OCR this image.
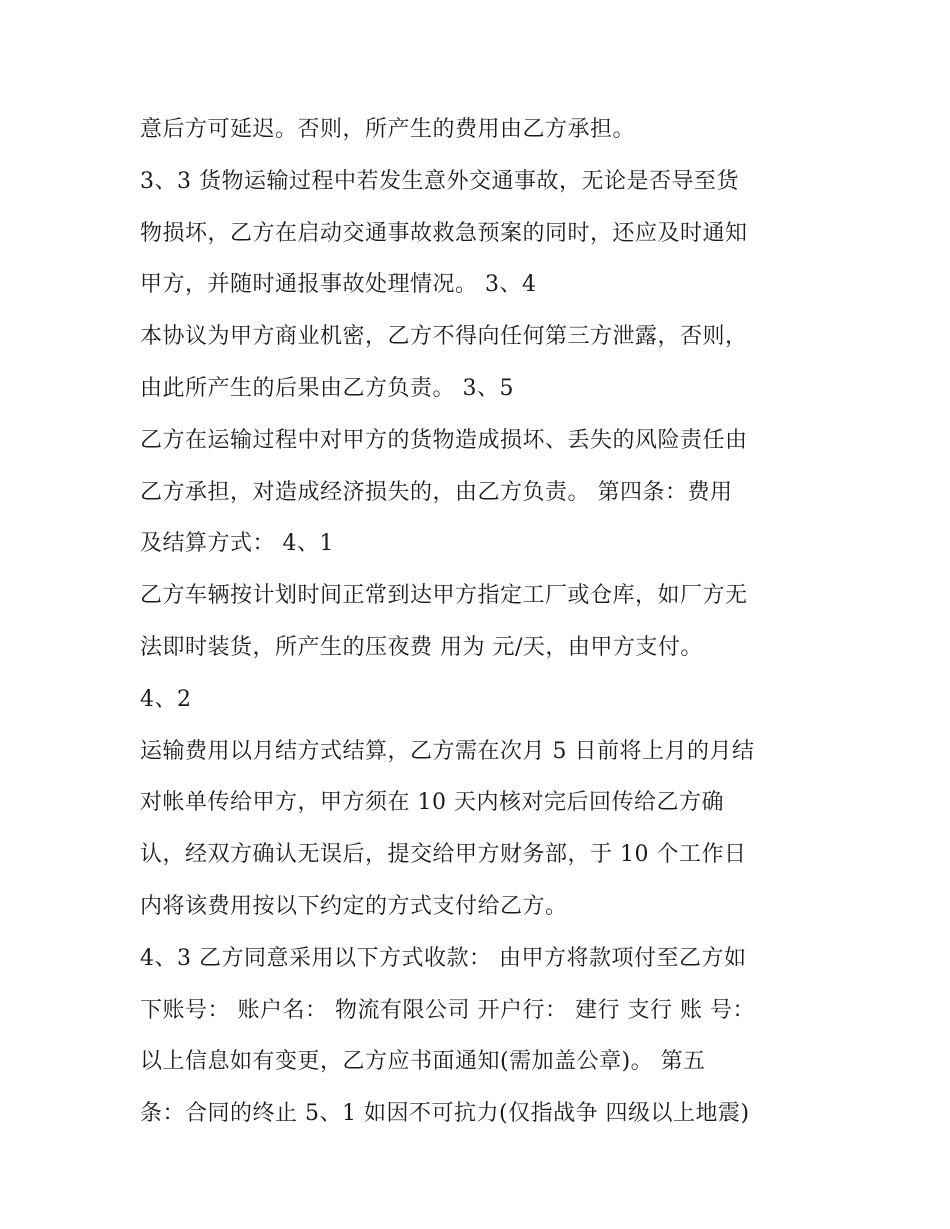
意后方可延迟。否则，所产生的费用由乙方承担。
3、3 货物运输过程中若发生意外交通事故，无论是否导至货
物损坏，乙方在启动交通事故救急预案的同时，还应及时通知
甲方，并随时通报事故处理情况。 3、4
本协议为甲方商业机密，乙方不得向任何第三方泄露，否则，
由此所产生的后果由乙方负责。 3、5
乙方在运输过程中对甲方的货物造成损坏、丢失的风险责任由
乙方承担，对造成经济损失的，由乙方负责。 第四条：费用
及结算方式： 4、1
乙方车辆按计划时间正常到达甲方指定工厂或仓库，如厂方无
法即时装货，所产生的压夜费 用为 元/天，由甲方支付。
4、2
运输费用以月结方式结算，乙方需在次月 5 日前将上月的月结
对帐单传给甲方，甲方须在 10 天内核对完后回传给乙方确
认，经双方确认无误后，提交给甲方财务部，于 10 个工作日
内将该费用按以下约定的方式支付给乙方。
4、3 乙方同意采用以下方式收款： 由甲方将款项付至乙方如
下账号： 账户名： 物流有限公司 开户行： 建行 支行 账 号：
以上信息如有变更，乙方应书面通知(需加盖公章)。 第五
条：合同的终止 5、1 如因不可抗力(仅指战争 四级以上地震)
